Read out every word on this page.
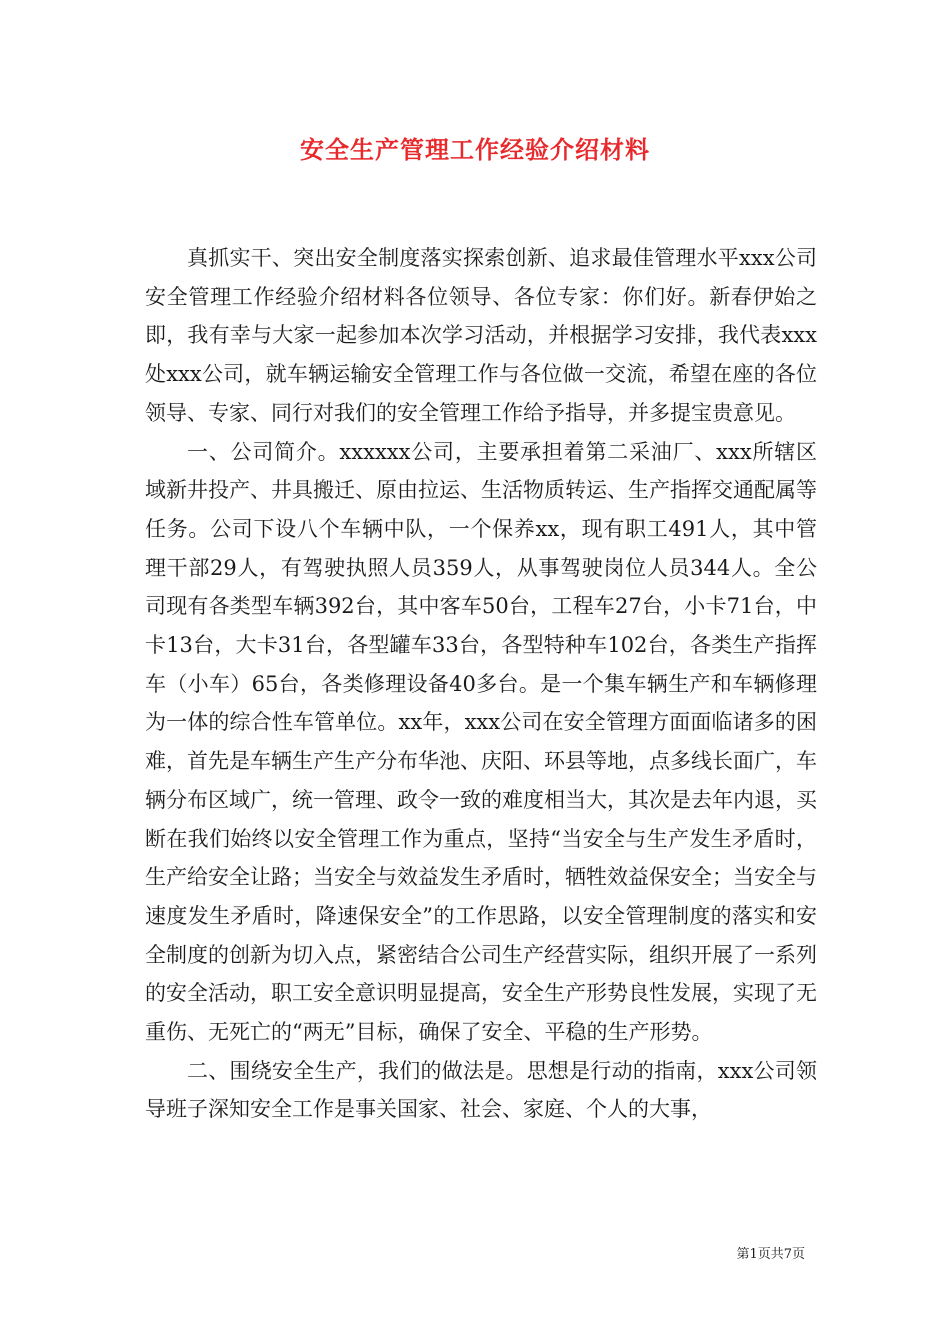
安全生产管理工作经验介绍材料

真抓实干、突出安全制度落实探索创新、追求最佳管理水平xxx公司安全管理工作经验介绍材料各位领导、各位专家：你们好。新春伊始之即，我有幸与大家一起参加本次学习活动，并根据学习安排，我代表xxx处xxx公司，就车辆运输安全管理工作与各位做一交流，希望在座的各位领导、专家、同行对我们的安全管理工作给予指导，并多提宝贵意见。

一、公司简介。xxxxxx公司，主要承担着第二采油厂、xxx所辖区域新井投产、井具搬迁、原由拉运、生活物质转运、生产指挥交通配属等任务。公司下设八个车辆中队，一个保养xx，现有职工491人，其中管理干部29人，有驾驶执照人员359人，从事驾驶岗位人员344人。全公司现有各类型车辆392台，其中客车50台，工程车27台，小卡71台，中卡13台，大卡31台，各型罐车33台，各型特种车102台，各类生产指挥车（小车）65台，各类修理设备40多台。是一个集车辆生产和车辆修理为一体的综合性车管单位。xx年，xxx公司在安全管理方面面临诸多的困难，首先是车辆生产生产分布华池、庆阳、环县等地，点多线长面广，车辆分布区域广，统一管理、政令一致的难度相当大，其次是去年内退，买断在我们始终以安全管理工作为重点，坚持“当安全与生产发生矛盾时，生产给安全让路；当安全与效益发生矛盾时，牺牲效益保安全；当安全与速度发生矛盾时，降速保安全”的工作思路，以安全管理制度的落实和安全制度的创新为切入点，紧密结合公司生产经营实际，组织开展了一系列的安全活动，职工安全意识明显提高，安全生产形势良性发展，实现了无重伤、无死亡的“两无”目标，确保了安全、平稳的生产形势。

二、围绕安全生产，我们的做法是。思想是行动的指南，xxx公司领导班子深知安全工作是事关国家、社会、家庭、个人的大事，

第1页共7页
